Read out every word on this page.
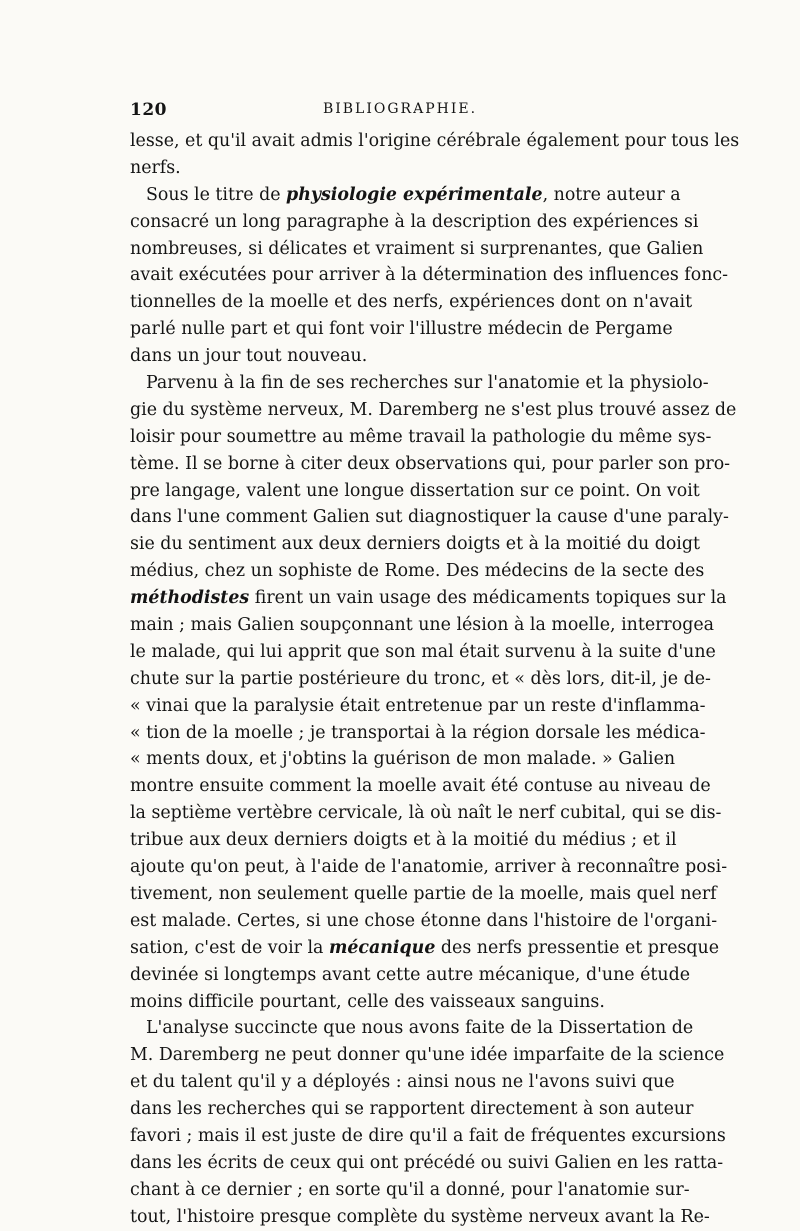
120	BIBLIOGRAPHIE.
lesse, et qu'il avait admis l'origine cérébrale également pour tous les
nerfs.
Sous le titre de physiologie expérimentale, notre auteur a
consacré un long paragraphe à la description des expériences si
nombreuses, si délicates et vraiment si surprenantes, que Galien
avait exécutées pour arriver à la détermination des influences fonc-
tionnelles de la moelle et des nerfs, expériences dont on n'avait
parlé nulle part et qui font voir l'illustre médecin de Pergame
dans un jour tout nouveau.
Parvenu à la fin de ses recherches sur l'anatomie et la physiolo-
gie du système nerveux, M. Daremberg ne s'est plus trouvé assez de
loisir pour soumettre au même travail la pathologie du même sys-
tème. Il se borne à citer deux observations qui, pour parler son pro-
pre langage, valent une longue dissertation sur ce point. On voit
dans l'une comment Galien sut diagnostiquer la cause d'une paraly-
sie du sentiment aux deux derniers doigts et à la moitié du doigt
médius, chez un sophiste de Rome. Des médecins de la secte des
méthodistes firent un vain usage des médicaments topiques sur la
main ; mais Galien soupçonnant une lésion à la moelle, interrogea
le malade, qui lui apprit que son mal était survenu à la suite d'une
chute sur la partie postérieure du tronc, et « dès lors, dit-il, je de-
« vinai que la paralysie était entretenue par un reste d'inflamma-
« tion de la moelle ; je transportai à la région dorsale les médica-
« ments doux, et j'obtins la guérison de mon malade. » Galien
montre ensuite comment la moelle avait été contuse au niveau de
la septième vertèbre cervicale, là où naît le nerf cubital, qui se dis-
tribue aux deux derniers doigts et à la moitié du médius ; et il
ajoute qu'on peut, à l'aide de l'anatomie, arriver à reconnaître posi-
tivement, non seulement quelle partie de la moelle, mais quel nerf
est malade. Certes, si une chose étonne dans l'histoire de l'organi-
sation, c'est de voir la mécanique des nerfs pressentie et presque
devinée si longtemps avant cette autre mécanique, d'une étude
moins difficile pourtant, celle des vaisseaux sanguins.
L'analyse succincte que nous avons faite de la Dissertation de
M. Daremberg ne peut donner qu'une idée imparfaite de la science
et du talent qu'il y a déployés : ainsi nous ne l'avons suivi que
dans les recherches qui se rapportent directement à son auteur
favori ; mais il est juste de dire qu'il a fait de fréquentes excursions
dans les écrits de ceux qui ont précédé ou suivi Galien en les ratta-
chant à ce dernier ; en sorte qu'il a donné, pour l'anatomie sur-
tout, l'histoire presque complète du système nerveux avant la Re-
